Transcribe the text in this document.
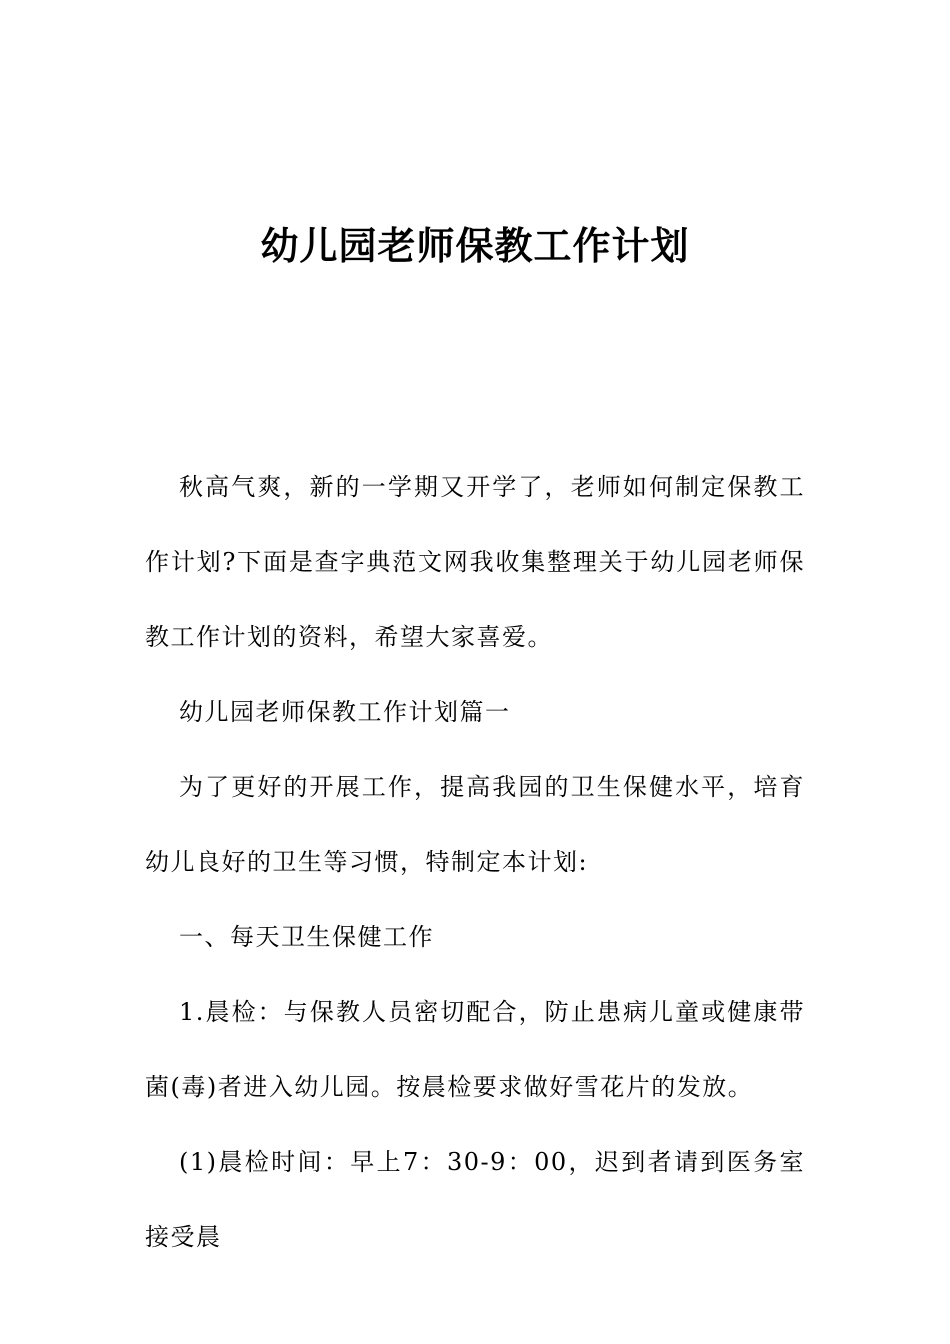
幼儿园老师保教工作计划

秋高气爽，新的一学期又开学了，老师如何制定保教工作计划?下面是查字典范文网我收集整理关于幼儿园老师保教工作计划的资料，希望大家喜爱。

幼儿园老师保教工作计划篇一

为了更好的开展工作，提高我园的卫生保健水平，培育幼儿良好的卫生等习惯，特制定本计划:

一、每天卫生保健工作

1.晨检：与保教人员密切配合，防止患病儿童或健康带菌(毒)者进入幼儿园。按晨检要求做好雪花片的发放。

(1)晨检时间：早上7：30-9：00，迟到者请到医务室接受晨
